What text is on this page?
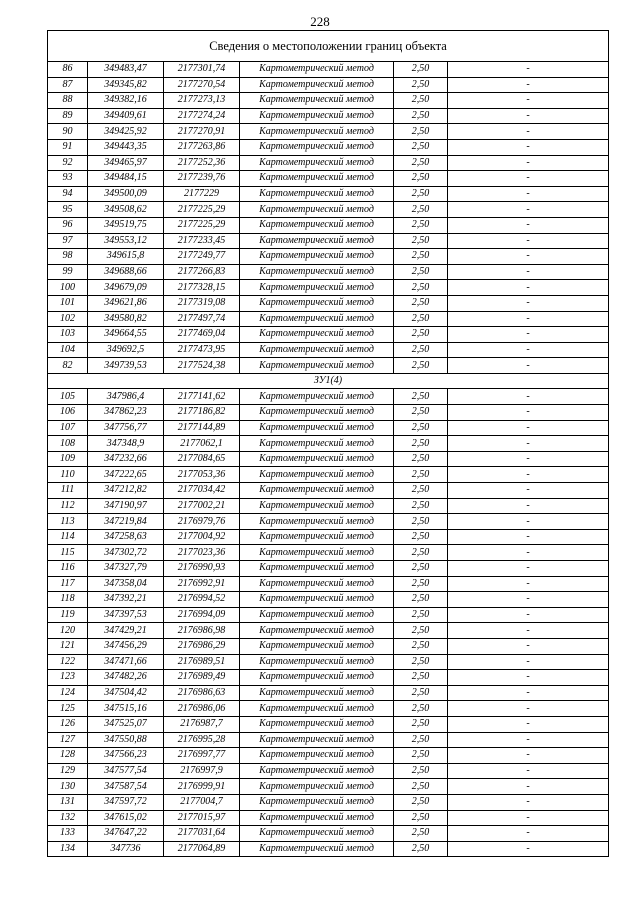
228
Сведения о местоположении границ объекта					
86	349483,47	2177301,74	Картометрический метод	2,50	-
87	349345,82	2177270,54	Картометрический метод	2,50	-
88	349382,16	2177273,13	Картометрический метод	2,50	-
89	349409,61	2177274,24	Картометрический метод	2,50	-
90	349425,92	2177270,91	Картометрический метод	2,50	-
91	349443,35	2177263,86	Картометрический метод	2,50	-
92	349465,97	2177252,36	Картометрический метод	2,50	-
93	349484,15	2177239,76	Картометрический метод	2,50	-
94	349500,09	2177229	Картометрический метод	2,50	-
95	349508,62	2177225,29	Картометрический метод	2,50	-
96	349519,75	2177225,29	Картометрический метод	2,50	-
97	349553,12	2177233,45	Картометрический метод	2,50	-
98	349615,8	2177249,77	Картометрический метод	2,50	-
99	349688,66	2177266,83	Картометрический метод	2,50	-
100	349679,09	2177328,15	Картометрический метод	2,50	-
101	349621,86	2177319,08	Картометрический метод	2,50	-
102	349580,82	2177497,74	Картометрический метод	2,50	-
103	349664,55	2177469,04	Картометрический метод	2,50	-
104	349692,5	2177473,95	Картометрический метод	2,50	-
82	349739,53	2177524,38	Картометрический метод	2,50	-
ЗУ1(4)					
105	347986,4	2177141,62	Картометрический метод	2,50	-
106	347862,23	2177186,82	Картометрический метод	2,50	-
107	347756,77	2177144,89	Картометрический метод	2,50	-
108	347348,9	2177062,1	Картометрический метод	2,50	-
109	347232,66	2177084,65	Картометрический метод	2,50	-
110	347222,65	2177053,36	Картометрический метод	2,50	-
111	347212,82	2177034,42	Картометрический метод	2,50	-
112	347190,97	2177002,21	Картометрический метод	2,50	-
113	347219,84	2176979,76	Картометрический метод	2,50	-
114	347258,63	2177004,92	Картометрический метод	2,50	-
115	347302,72	2177023,36	Картометрический метод	2,50	-
116	347327,79	2176990,93	Картометрический метод	2,50	-
117	347358,04	2176992,91	Картометрический метод	2,50	-
118	347392,21	2176994,52	Картометрический метод	2,50	-
119	347397,53	2176994,09	Картометрический метод	2,50	-
120	347429,21	2176986,98	Картометрический метод	2,50	-
121	347456,29	2176986,29	Картометрический метод	2,50	-
122	347471,66	2176989,51	Картометрический метод	2,50	-
123	347482,26	2176989,49	Картометрический метод	2,50	-
124	347504,42	2176986,63	Картометрический метод	2,50	-
125	347515,16	2176986,06	Картометрический метод	2,50	-
126	347525,07	2176987,7	Картометрический метод	2,50	-
127	347550,88	2176995,28	Картометрический метод	2,50	-
128	347566,23	2176997,77	Картометрический метод	2,50	-
129	347577,54	2176997,9	Картометрический метод	2,50	-
130	347587,54	2176999,91	Картометрический метод	2,50	-
131	347597,72	2177004,7	Картометрический метод	2,50	-
132	347615,02	2177015,97	Картометрический метод	2,50	-
133	347647,22	2177031,64	Картометрический метод	2,50	-
134	347736	2177064,89	Картометрический метод	2,50	-
